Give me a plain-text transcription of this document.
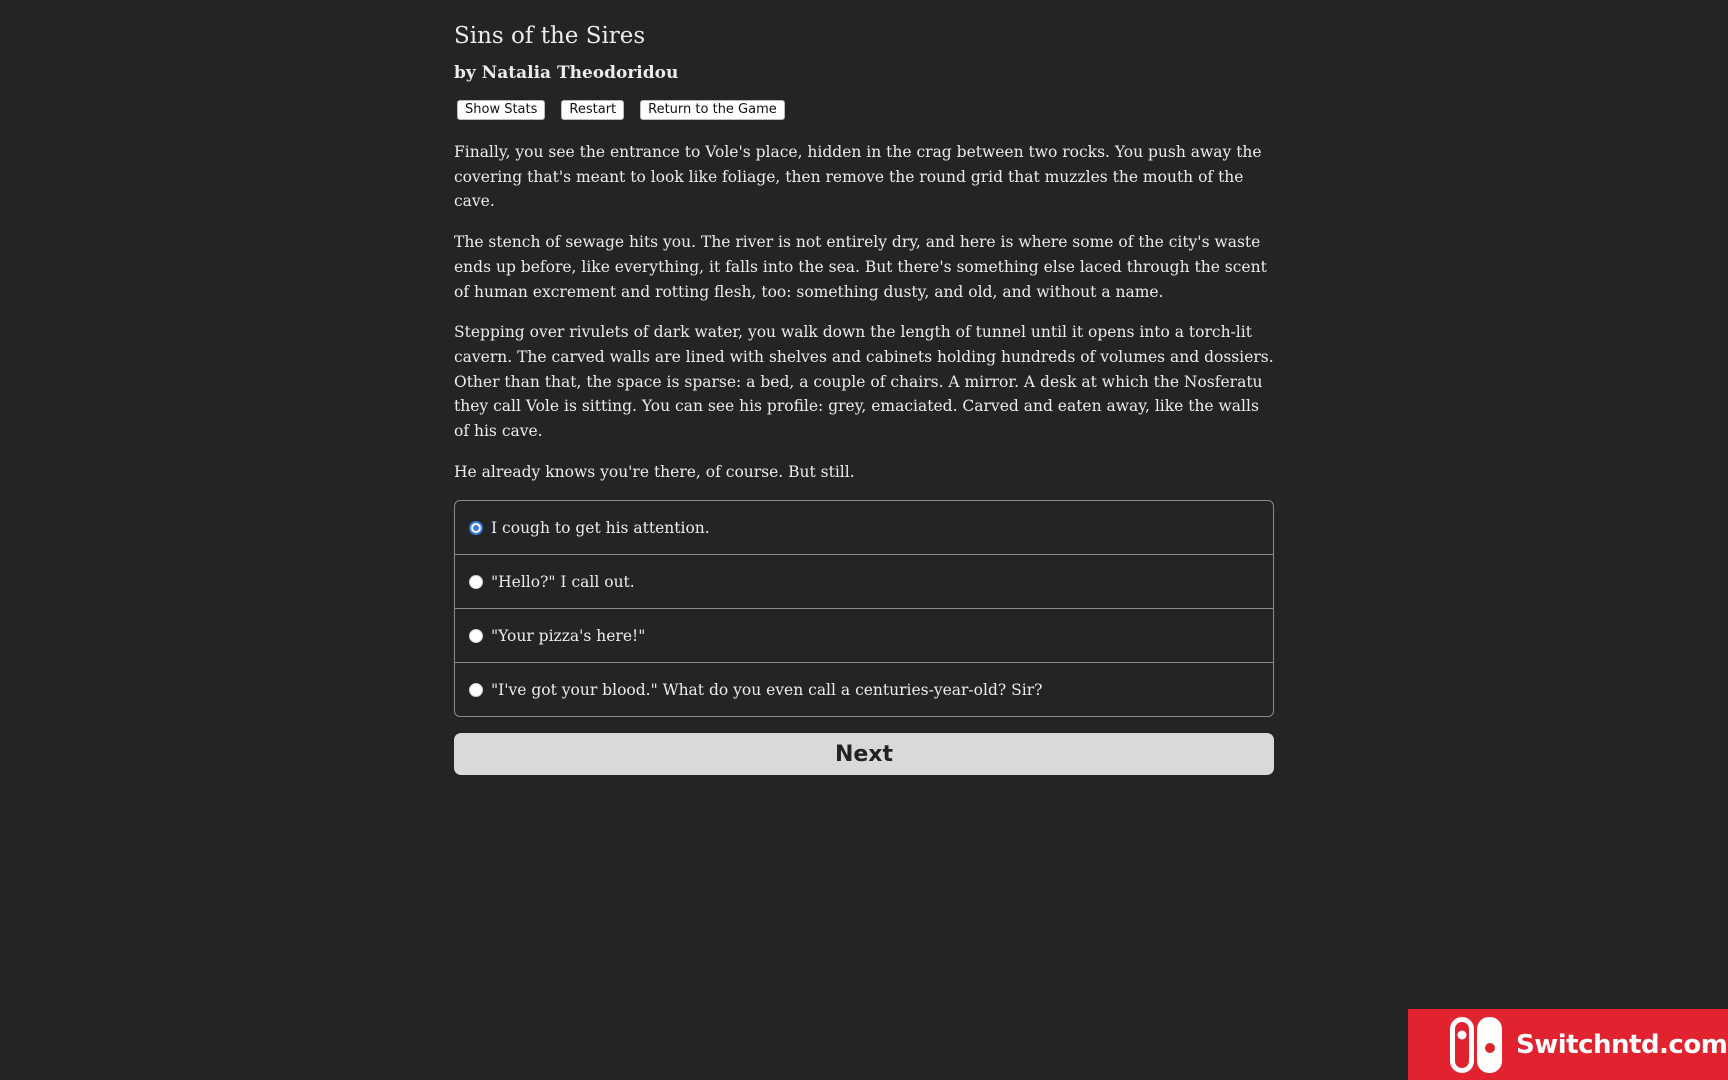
Sins of the Sires
by Natalia Theodoridou
Show Stats	Restart	Return to the Game

Finally, you see the entrance to Vole's place, hidden in the crag between two rocks. You push away the covering that's meant to look like foliage, then remove the round grid that muzzles the mouth of the cave.

The stench of sewage hits you. The river is not entirely dry, and here is where some of the city's waste ends up before, like everything, it falls into the sea. But there's something else laced through the scent of human excrement and rotting flesh, too: something dusty, and old, and without a name.

Stepping over rivulets of dark water, you walk down the length of tunnel until it opens into a torch-lit cavern. The carved walls are lined with shelves and cabinets holding hundreds of volumes and dossiers. Other than that, the space is sparse: a bed, a couple of chairs. A mirror. A desk at which the Nosferatu they call Vole is sitting. You can see his profile: grey, emaciated. Carved and eaten away, like the walls of his cave.

He already knows you're there, of course. But still.

I cough to get his attention.
"Hello?" I call out.
"Your pizza's here!"
"I've got your blood." What do you even call a centuries-year-old? Sir?
Next
Switchntd.com
